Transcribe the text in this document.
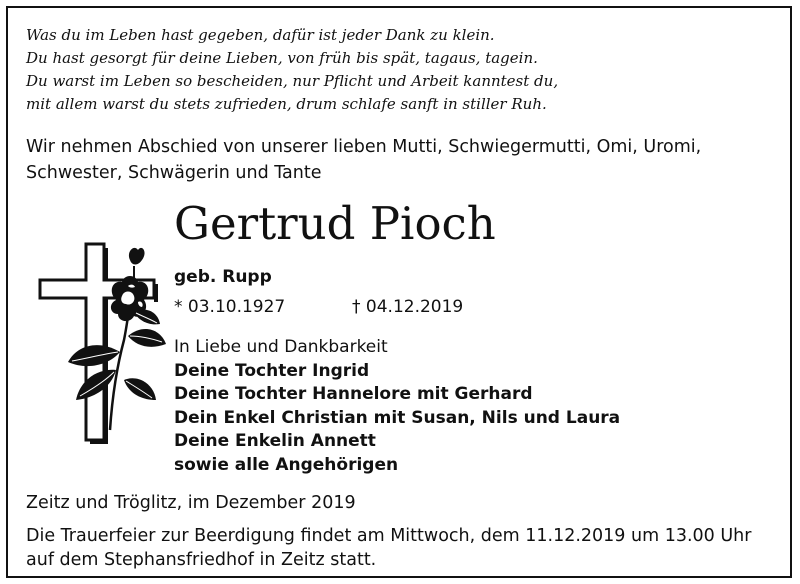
Was du im Leben hast gegeben, dafür ist jeder Dank zu klein.
Du hast gesorgt für deine Lieben, von früh bis spät, tagaus, tagein.
Du warst im Leben so bescheiden, nur Pflicht und Arbeit kanntest du,
mit allem warst du stets zufrieden, drum schlafe sanft in stiller Ruh.
Wir nehmen Abschied von unserer lieben Mutti, Schwiegermutti, Omi, Uromi,
Schwester, Schwägerin und Tante
Gertrud Pioch
geb. Rupp
* 03.10.1927	† 04.12.2019
In Liebe und Dankbarkeit
Deine Tochter Ingrid
Deine Tochter Hannelore mit Gerhard
Dein Enkel Christian mit Susan, Nils und Laura
Deine Enkelin Annett
sowie alle Angehörigen
Zeitz und Tröglitz, im Dezember 2019
Die Trauerfeier zur Beerdigung findet am Mittwoch, dem 11.12.2019 um 13.00 Uhr
auf dem Stephansfriedhof in Zeitz statt.
